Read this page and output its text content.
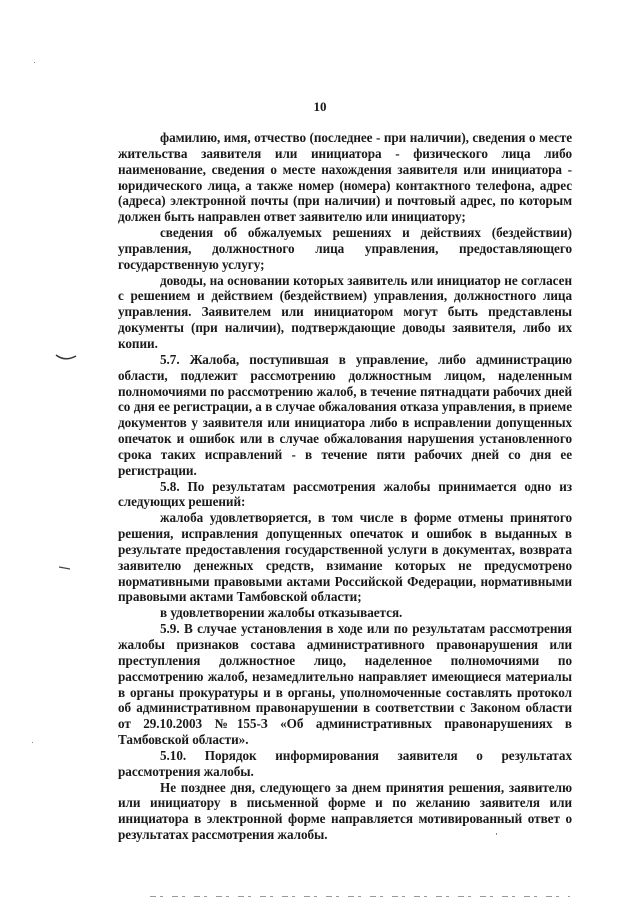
10

фамилию, имя, отчество (последнее - при наличии), сведения о месте жительства заявителя или инициатора - физического лица либо наименование, сведения о месте нахождения заявителя или инициатора - юридического лица, а также номер (номера) контактного телефона, адрес (адреса) электронной почты (при наличии) и почтовый адрес, по которым должен быть направлен ответ заявителю или инициатору;

сведения об обжалуемых решениях и действиях (бездействии) управления, должностного лица управления, предоставляющего государственную услугу;

доводы, на основании которых заявитель или инициатор не согласен с решением и действием (бездействием) управления, должностного лица управления. Заявителем или инициатором могут быть представлены документы (при наличии), подтверждающие доводы заявителя, либо их копии.

5.7. Жалоба, поступившая в управление, либо администрацию области, подлежит рассмотрению должностным лицом, наделенным полномочиями по рассмотрению жалоб, в течение пятнадцати рабочих дней со дня ее регистрации, а в случае обжалования отказа управления, в приеме документов у заявителя или инициатора либо в исправлении допущенных опечаток и ошибок или в случае обжалования нарушения установленного срока таких исправлений - в течение пяти рабочих дней со дня ее регистрации.

5.8. По результатам рассмотрения жалобы принимается одно из следующих решений:

жалоба удовлетворяется, в том числе в форме отмены принятого решения, исправления допущенных опечаток и ошибок в выданных в результате предоставления государственной услуги в документах, возврата заявителю денежных средств, взимание которых не предусмотрено нормативными правовыми актами Российской Федерации, нормативными правовыми актами Тамбовской области;

в удовлетворении жалобы отказывается.

5.9. В случае установления в ходе или по результатам рассмотрения жалобы признаков состава административного правонарушения или преступления должностное лицо, наделенное полномочиями по рассмотрению жалоб, незамедлительно направляет имеющиеся материалы в органы прокуратуры и в органы, уполномоченные составлять протокол об административном правонарушении в соответствии с Законом области от 29.10.2003 №155-З «Об административных правонарушениях в Тамбовской области».

5.10. Порядок информирования заявителя о результатах рассмотрения жалобы.

Не позднее дня, следующего за днем принятия решения, заявителю или инициатору в письменной форме и по желанию заявителя или инициатора в электронной форме направляется мотивированный ответ о результатах рассмотрения жалобы.
